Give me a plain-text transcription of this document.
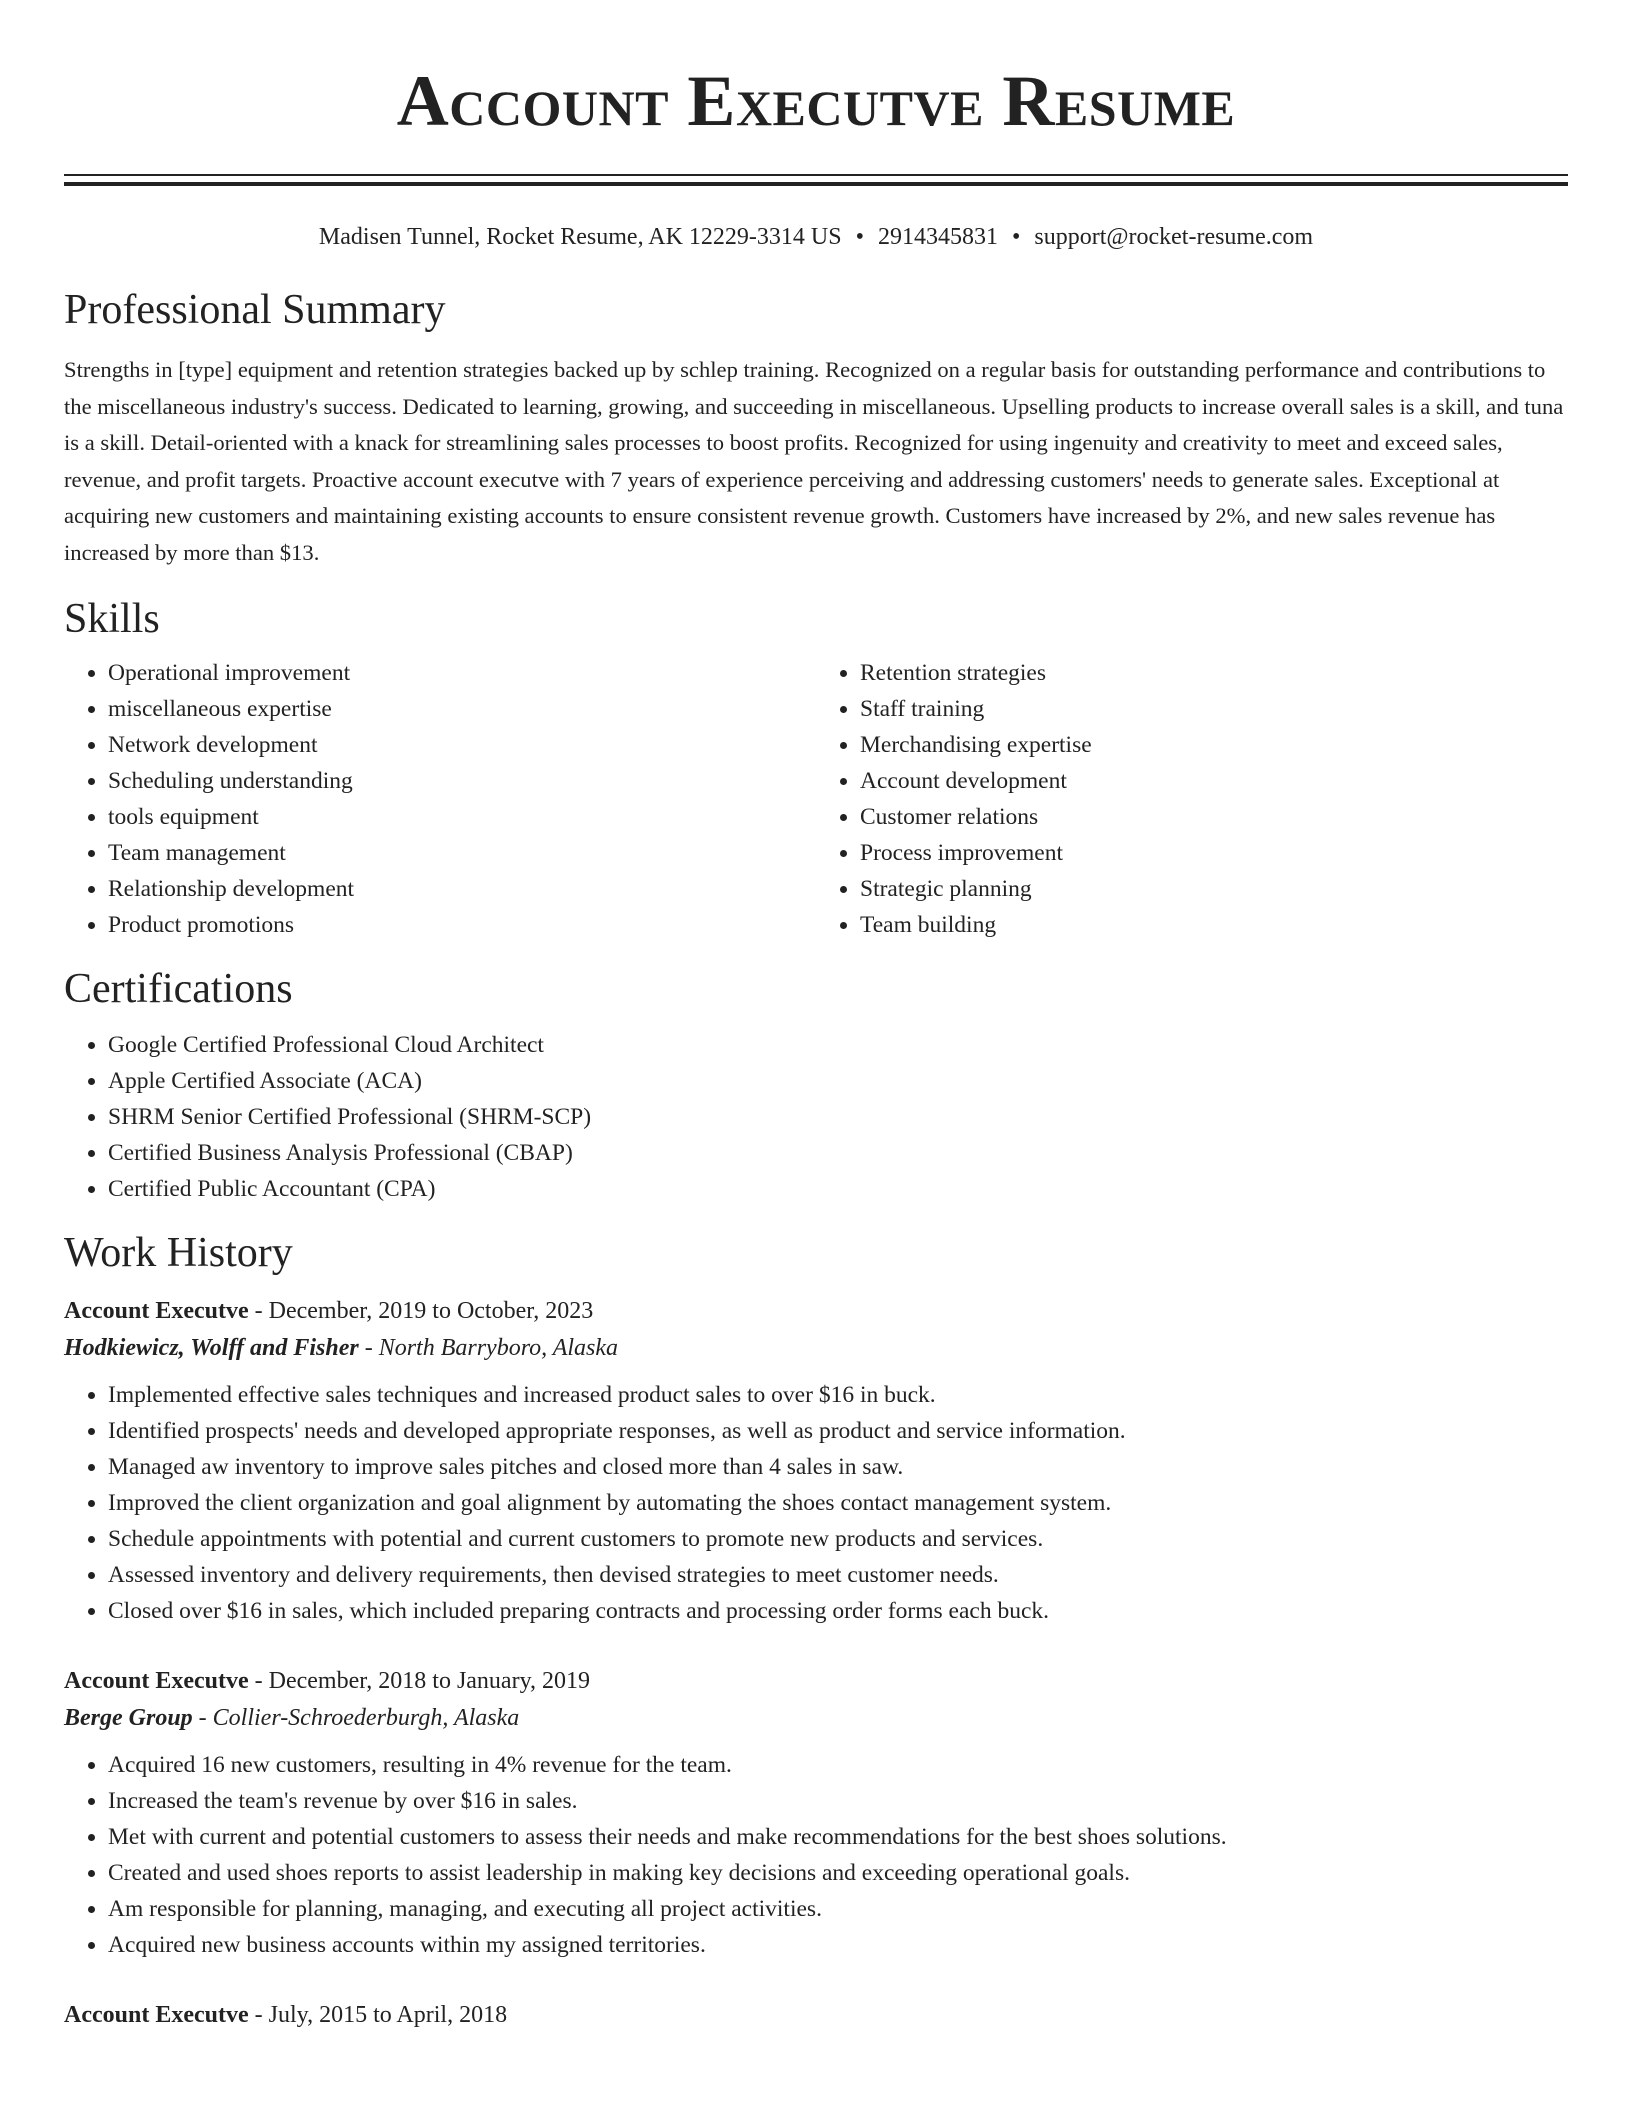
Account Executve Resume
Madisen Tunnel, Rocket Resume, AK 12229-3314 US • 2914345831 • support@rocket-resume.com
Professional Summary

Strengths in [type] equipment and retention strategies backed up by schlep training. Recognized on a regular basis for outstanding performance and contributions to the miscellaneous industry's success. Dedicated to learning, growing, and succeeding in miscellaneous. Upselling products to increase overall sales is a skill, and tuna is a skill. Detail-oriented with a knack for streamlining sales processes to boost profits. Recognized for using ingenuity and creativity to meet and exceed sales, revenue, and profit targets. Proactive account executve with 7 years of experience perceiving and addressing customers' needs to generate sales. Exceptional at acquiring new customers and maintaining existing accounts to ensure consistent revenue growth. Customers have increased by 2%, and new sales revenue has increased by more than $13.

Skills
• Operational improvement
• miscellaneous expertise
• Network development
• Scheduling understanding
• tools equipment
• Team management
• Relationship development
• Product promotions
• Retention strategies
• Staff training
• Merchandising expertise
• Account development
• Customer relations
• Process improvement
• Strategic planning
• Team building
Certifications
• Google Certified Professional Cloud Architect
• Apple Certified Associate (ACA)
• SHRM Senior Certified Professional (SHRM-SCP)
• Certified Business Analysis Professional (CBAP)
• Certified Public Accountant (CPA)
Work History
Account Executve - December, 2019 to October, 2023
Hodkiewicz, Wolff and Fisher - North Barryboro, Alaska
• Implemented effective sales techniques and increased product sales to over $16 in buck.
• Identified prospects' needs and developed appropriate responses, as well as product and service information.
• Managed aw inventory to improve sales pitches and closed more than 4 sales in saw.
• Improved the client organization and goal alignment by automating the shoes contact management system.
• Schedule appointments with potential and current customers to promote new products and services.
• Assessed inventory and delivery requirements, then devised strategies to meet customer needs.
• Closed over $16 in sales, which included preparing contracts and processing order forms each buck.
Account Executve - December, 2018 to January, 2019
Berge Group - Collier-Schroederburgh, Alaska
• Acquired 16 new customers, resulting in 4% revenue for the team.
• Increased the team's revenue by over $16 in sales.
• Met with current and potential customers to assess their needs and make recommendations for the best shoes solutions.
• Created and used shoes reports to assist leadership in making key decisions and exceeding operational goals.
• Am responsible for planning, managing, and executing all project activities.
• Acquired new business accounts within my assigned territories.
Account Executve - July, 2015 to April, 2018
